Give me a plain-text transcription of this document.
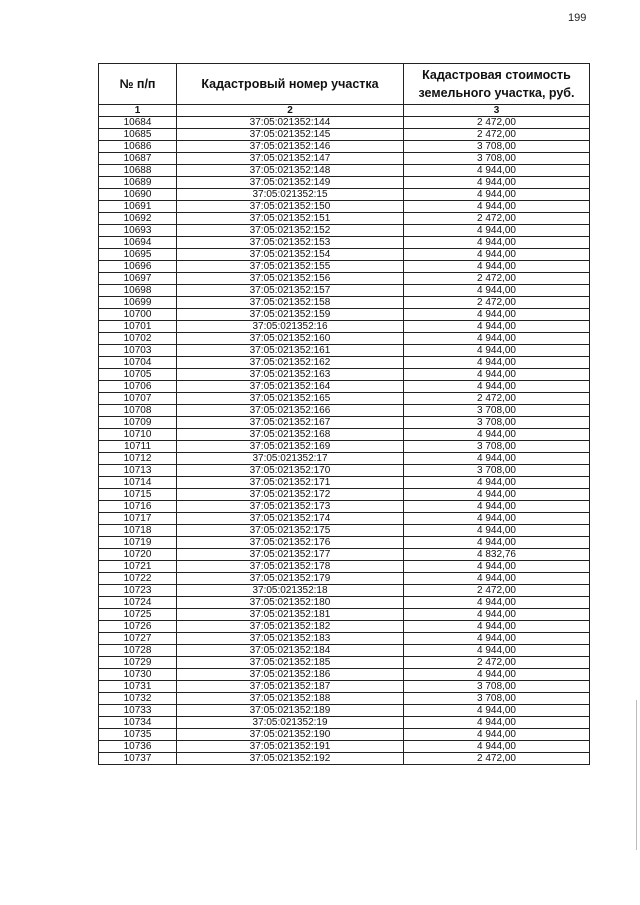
199
№ п/п	Кадастровый номер участка	Кадастровая стоимость
земельного участка, руб.
1	2	3
10684	37:05:021352:144	2 472,00
10685	37:05:021352:145	2 472,00
10686	37:05:021352:146	3 708,00
10687	37:05:021352:147	3 708,00
10688	37:05:021352:148	4 944,00
10689	37:05:021352:149	4 944,00
10690	37:05:021352:15	4 944,00
10691	37:05:021352:150	4 944,00
10692	37:05:021352:151	2 472,00
10693	37:05:021352:152	4 944,00
10694	37:05:021352:153	4 944,00
10695	37:05:021352:154	4 944,00
10696	37:05:021352:155	4 944,00
10697	37:05:021352:156	2 472,00
10698	37:05:021352:157	4 944,00
10699	37:05:021352:158	2 472,00
10700	37:05:021352:159	4 944,00
10701	37:05:021352:16	4 944,00
10702	37:05:021352:160	4 944,00
10703	37:05:021352:161	4 944,00
10704	37:05:021352:162	4 944,00
10705	37:05:021352:163	4 944,00
10706	37:05:021352:164	4 944,00
10707	37:05:021352:165	2 472,00
10708	37:05:021352:166	3 708,00
10709	37:05:021352:167	3 708,00
10710	37:05:021352:168	4 944,00
10711	37:05:021352:169	3 708,00
10712	37:05:021352:17	4 944,00
10713	37:05:021352:170	3 708,00
10714	37:05:021352:171	4 944,00
10715	37:05:021352:172	4 944,00
10716	37:05:021352:173	4 944,00
10717	37:05:021352:174	4 944,00
10718	37:05:021352:175	4 944,00
10719	37:05:021352:176	4 944,00
10720	37:05:021352:177	4 832,76
10721	37:05:021352:178	4 944,00
10722	37:05:021352:179	4 944,00
10723	37:05:021352:18	2 472,00
10724	37:05:021352:180	4 944,00
10725	37:05:021352:181	4 944,00
10726	37:05:021352:182	4 944,00
10727	37:05:021352:183	4 944,00
10728	37:05:021352:184	4 944,00
10729	37:05:021352:185	2 472,00
10730	37:05:021352:186	4 944,00
10731	37:05:021352:187	3 708,00
10732	37:05:021352:188	3 708,00
10733	37:05:021352:189	4 944,00
10734	37:05:021352:19	4 944,00
10735	37:05:021352:190	4 944,00
10736	37:05:021352:191	4 944,00
10737	37:05:021352:192	2 472,00
